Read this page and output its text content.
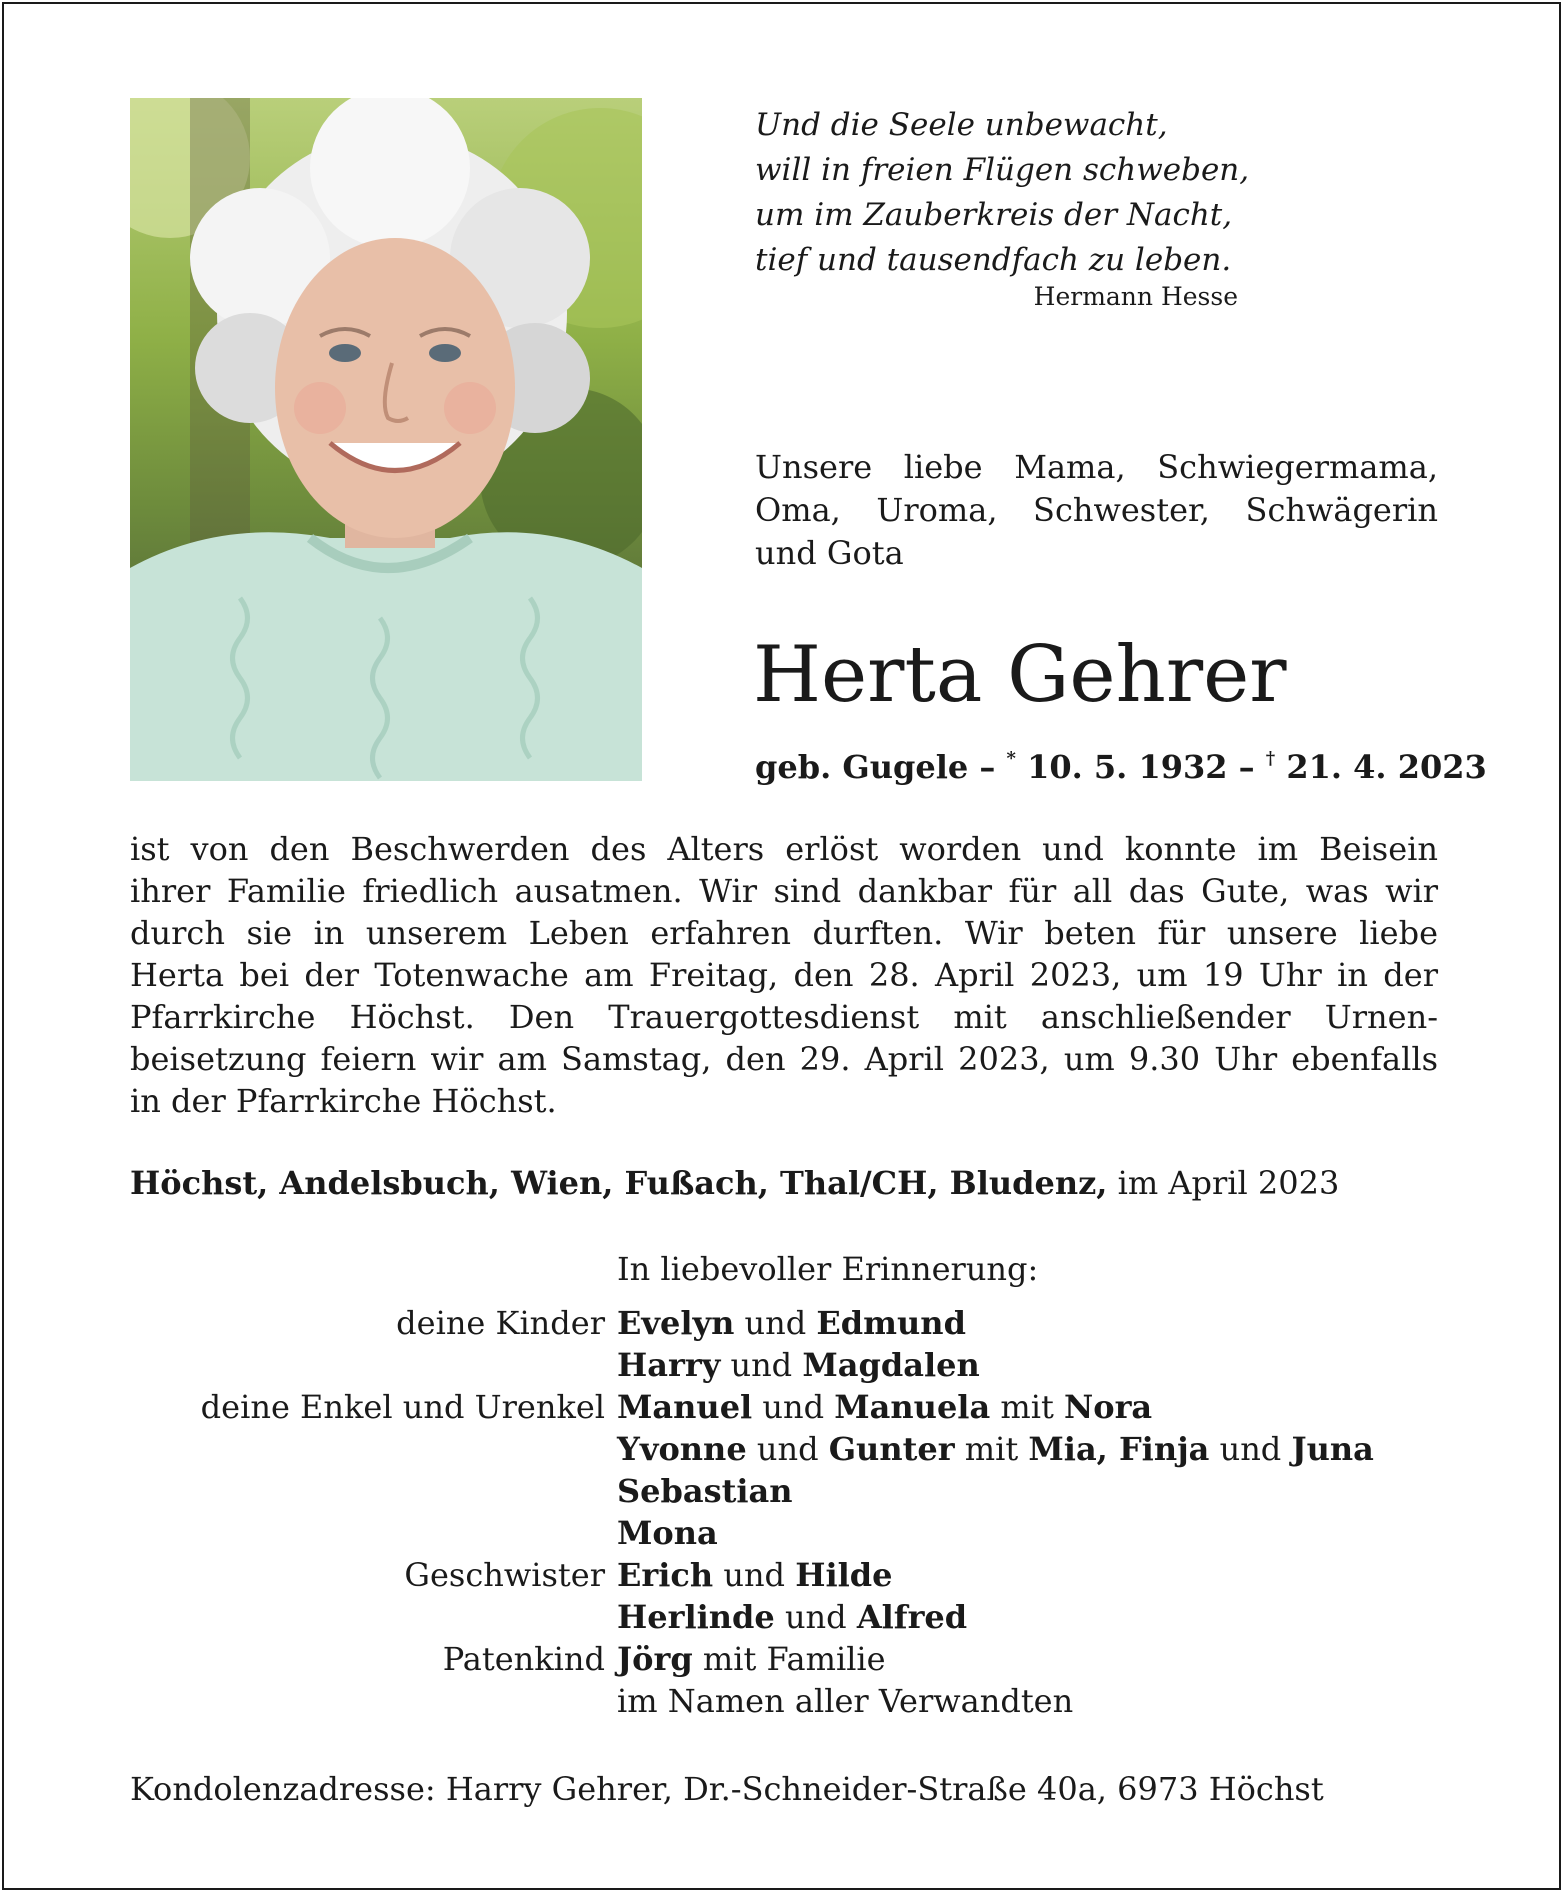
Und die Seele unbewacht,
will in freien Flügen schweben,
um im Zauberkreis der Nacht,
tief und tausendfach zu leben.
Hermann Hesse
Unsere liebe Mama, Schwiegermama,
Oma, Uroma, Schwester, Schwägerin
und Gota
Herta Gehrer
geb. Gugele – * 10. 5. 1932 – † 21. 4. 2023
ist von den Beschwerden des Alters erlöst worden und konnte im Beisein
ihrer Familie friedlich ausatmen. Wir sind dankbar für all das Gute, was wir
durch sie in unserem Leben erfahren durften. Wir beten für unsere liebe
Herta bei der Totenwache am Freitag, den 28. April 2023, um 19 Uhr in der
Pfarrkirche Höchst. Den Trauergottesdienst mit anschließender Urnen-
beisetzung feiern wir am Samstag, den 29. April 2023, um 9.30 Uhr ebenfalls
in der Pfarrkirche Höchst.
Höchst, Andelsbuch, Wien, Fußach, Thal/CH, Bludenz, im April 2023
In liebevoller Erinnerung:
deine Kinder Evelyn und Edmund
Harry und Magdalen
deine Enkel und Urenkel Manuel und Manuela mit Nora
Yvonne und Gunter mit Mia, Finja und Juna
Sebastian
Mona
Geschwister Erich und Hilde
Herlinde und Alfred
Patenkind Jörg mit Familie
im Namen aller Verwandten
Kondolenzadresse: Harry Gehrer, Dr.-Schneider-Straße 40a, 6973 Höchst
